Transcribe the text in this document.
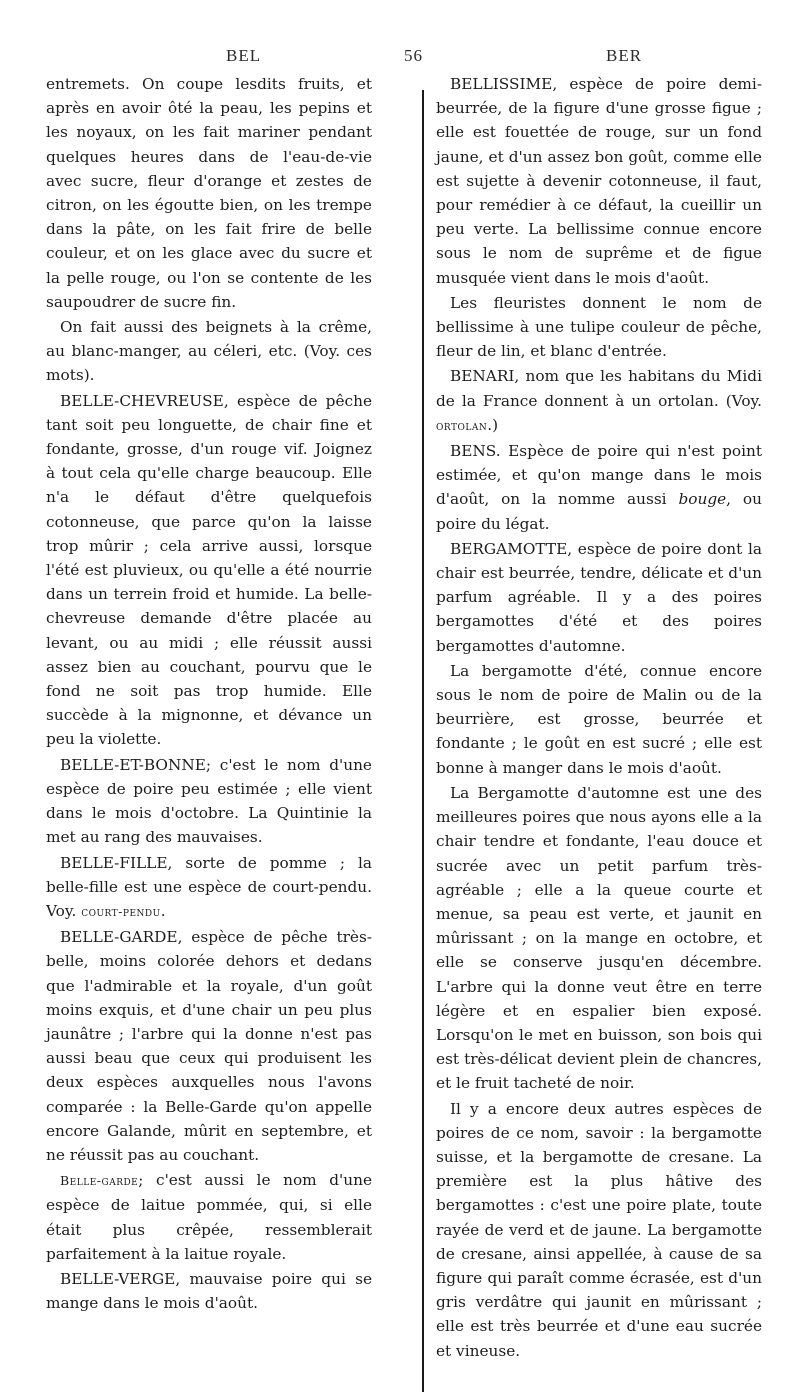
BEL	56	BER

entremets. On coupe lesdits fruits, et après en avoir ôté la peau, les pepins et les noyaux, on les fait mariner pendant quelques heures dans de l'eau-de-vie avec sucre, fleur d'orange et zestes de citron, on les égoutte bien, on les trempe dans la pâte, on les fait frire de belle couleur, et on les glace avec du sucre et la pelle rouge, ou l'on se contente de les saupoudrer de sucre fin.

On fait aussi des beignets à la crême, au blanc-manger, au céleri, etc. (Voy. ces mots).

BELLE-CHEVREUSE, espèce de pêche tant soit peu longuette, de chair fine et fondante, grosse, d'un rouge vif. Joignez à tout cela qu'elle charge beaucoup. Elle n'a le défaut d'être quelquefois cotonneuse, que parce qu'on la laisse trop mûrir ; cela arrive aussi, lorsque l'été est pluvieux, ou qu'elle a été nourrie dans un terrein froid et humide. La belle-chevreuse demande d'être placée au levant, ou au midi ; elle réussit aussi assez bien au couchant, pourvu que le fond ne soit pas trop humide. Elle succède à la mignonne, et dévance un peu la violette.

BELLE-ET-BONNE; c'est le nom d'une espèce de poire peu estimée ; elle vient dans le mois d'octobre. La Quintinie la met au rang des mauvaises.

BELLE-FILLE, sorte de pomme ; la belle-fille est une espèce de court-pendu. Voy. court-pendu.

BELLE-GARDE, espèce de pêche très-belle, moins colorée dehors et dedans que l'admirable et la royale, d'un goût moins exquis, et d'une chair un peu plus jaunâtre ; l'arbre qui la donne n'est pas aussi beau que ceux qui produisent les deux espèces auxquelles nous l'avons comparée : la Belle-Garde qu'on appelle encore Galande, mûrit en septembre, et ne réussit pas au couchant.

Belle-garde; c'est aussi le nom d'une espèce de laitue pommée, qui, si elle était plus crêpée, ressemblerait parfaitement à la laitue royale.

BELLE-VERGE, mauvaise poire qui se mange dans le mois d'août.

BELLISSIME, espèce de poire demi-beurrée, de la figure d'une grosse figue ; elle est fouettée de rouge, sur un fond jaune, et d'un assez bon goût, comme elle est sujette à devenir cotonneuse, il faut, pour remédier à ce défaut, la cueillir un peu verte. La bellissime connue encore sous le nom de suprême et de figue musquée vient dans le mois d'août.

Les fleuristes donnent le nom de bellissime à une tulipe couleur de pêche, fleur de lin, et blanc d'entrée.

BENARI, nom que les habitans du Midi de la France donnent à un ortolan. (Voy. ortolan.)

BENS. Espèce de poire qui n'est point estimée, et qu'on mange dans le mois d'août, on la nomme aussi bouge, ou poire du légat.

BERGAMOTTE, espèce de poire dont la chair est beurrée, tendre, délicate et d'un parfum agréable. Il y a des poires bergamottes d'été et des poires bergamottes d'automne.

La bergamotte d'été, connue encore sous le nom de poire de Malin ou de la beurrière, est grosse, beurrée et fondante ; le goût en est sucré ; elle est bonne à manger dans le mois d'août.

La Bergamotte d'automne est une des meilleures poires que nous ayons elle a la chair tendre et fondante, l'eau douce et sucrée avec un petit parfum très-agréable ; elle a la queue courte et menue, sa peau est verte, et jaunit en mûrissant ; on la mange en octobre, et elle se conserve jusqu'en décembre. L'arbre qui la donne veut être en terre légère et en espalier bien exposé. Lorsqu'on le met en buisson, son bois qui est très-délicat devient plein de chancres, et le fruit tacheté de noir.

Il y a encore deux autres espèces de poires de ce nom, savoir : la bergamotte suisse, et la bergamotte de cresane. La première est la plus hâtive des bergamottes : c'est une poire plate, toute rayée de verd et de jaune. La bergamotte de cresane, ainsi appellée, à cause de sa figure qui paraît comme écrasée, est d'un gris verdâtre qui jaunit en mûrissant ; elle est très beurrée et d'une eau sucrée et vineuse.
